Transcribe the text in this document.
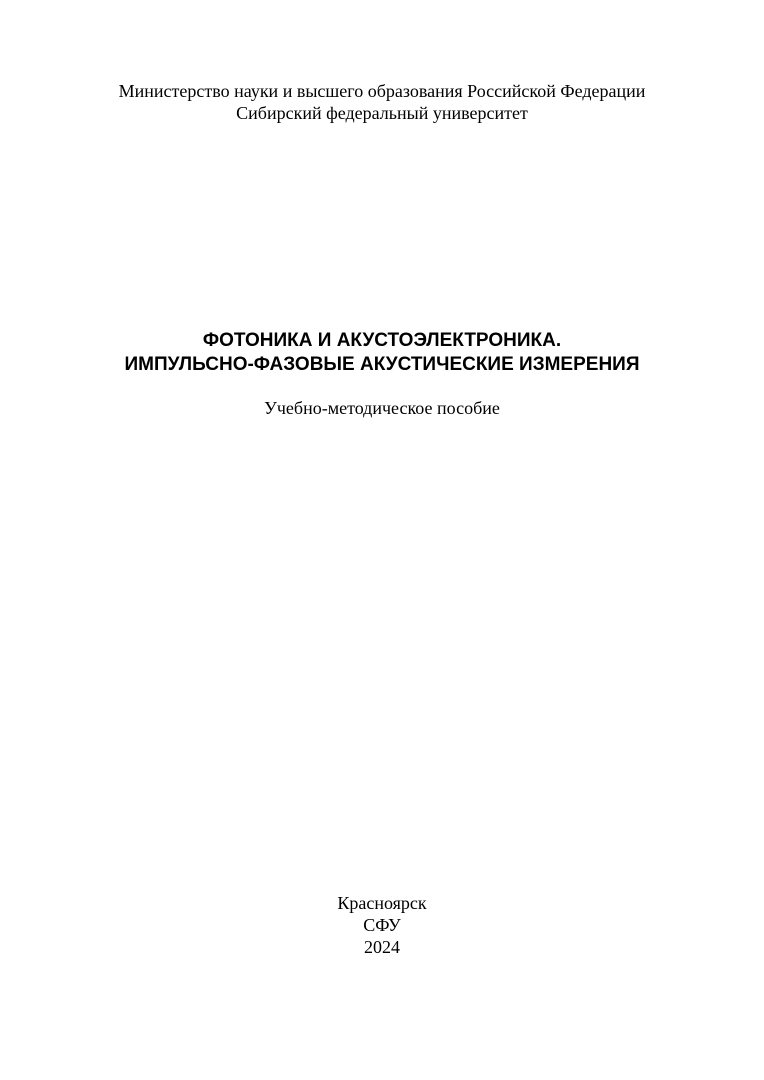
Министерство науки и высшего образования Российской Федерации
Сибирский федеральный университет
ФОТОНИКА И АКУСТОЭЛЕКТРОНИКА.
ИМПУЛЬСНО-ФАЗОВЫЕ АКУСТИЧЕСКИЕ ИЗМЕРЕНИЯ
Учебно-методическое пособие
Красноярск
СФУ
2024
